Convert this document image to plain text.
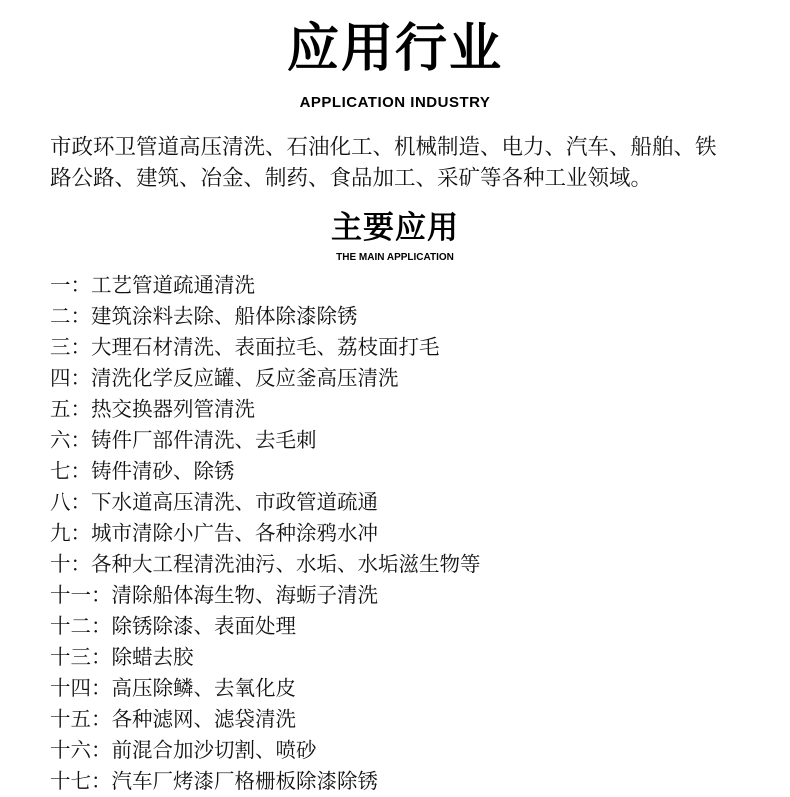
应用行业
APPLICATION INDUSTRY
市政环卫管道高压清洗、石油化工、机械制造、电力、汽车、船舶、铁
路公路、建筑、冶金、制药、食品加工、采矿等各种工业领域。
主要应用
THE MAIN APPLICATION
一：工艺管道疏通清洗
二：建筑涂料去除、船体除漆除锈
三：大理石材清洗、表面拉毛、荔枝面打毛
四：清洗化学反应罐、反应釜高压清洗
五：热交换器列管清洗
六：铸件厂部件清洗、去毛刺
七：铸件清砂、除锈
八：下水道高压清洗、市政管道疏通
九：城市清除小广告、各种涂鸦水冲
十：各种大工程清洗油污、水垢、水垢滋生物等
十一：清除船体海生物、海蛎子清洗
十二：除锈除漆、表面处理
十三：除蜡去胶
十四：高压除鳞、去氧化皮
十五：各种滤网、滤袋清洗
十六：前混合加沙切割、喷砂
十七：汽车厂烤漆厂格栅板除漆除锈
